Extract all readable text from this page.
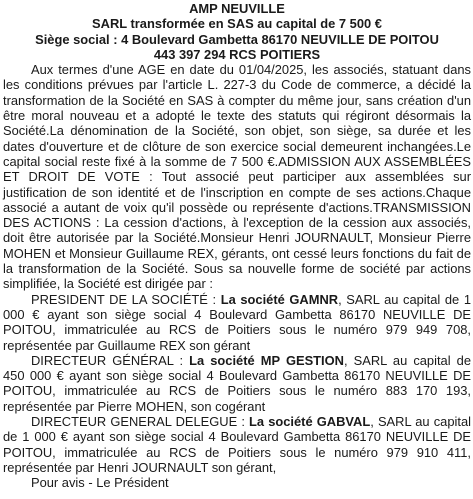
AMP NEUVILLE
SARL transformée en SAS au capital de 7 500 €
Siège social : 4 Boulevard Gambetta 86170 NEUVILLE DE POITOU
443 397 294 RCS POITIERS
Aux termes d'une AGE en date du 01/04/2025, les associés, statuant dans les conditions prévues par l'article L. 227-3 du Code de commerce, a décidé la transformation de la Société en SAS à compter du même jour, sans création d'un être moral nouveau et a adopté le texte des statuts qui régiront désormais la Société.La dénomination de la Société, son objet, son siège, sa durée et les dates d'ouverture et de clôture de son exercice social demeurent inchangées.Le capital social reste fixé à la somme de 7 500 €.ADMISSION AUX ASSEMBLÉES ET DROIT DE VOTE : Tout associé peut participer aux assemblées sur justification de son identité et de l'inscription en compte de ses actions.Chaque associé a autant de voix qu'il possède ou représente d'actions.TRANSMISSION DES ACTIONS : La cession d'actions, à l'exception de la cession aux associés, doit être autorisée par la Société.Monsieur Henri JOURNAULT, Monsieur Pierre MOHEN et Monsieur Guillaume REX, gérants, ont cessé leurs fonctions du fait de la transformation de la Société. Sous sa nouvelle forme de société par actions simplifiée, la Société est dirigée par :
PRESIDENT DE LA SOCIÉTÉ : La société GAMNR, SARL au capital de 1 000 € ayant son siège social 4 Boulevard Gambetta 86170 NEUVILLE DE POITOU, immatriculée au RCS de Poitiers sous le numéro 979 949 708, représentée par Guillaume REX son gérant
DIRECTEUR GÉNÉRAL : La société MP GESTION, SARL au capital de 450 000 € ayant son siège social 4 Boulevard Gambetta 86170 NEUVILLE DE POITOU, immatriculée au RCS de Poitiers sous le numéro 883 170 193, représentée par Pierre MOHEN, son cogérant
DIRECTEUR GENERAL DELEGUE : La société GABVAL, SARL au capital de 1 000 € ayant son siège social 4 Boulevard Gambetta 86170 NEUVILLE DE POITOU, immatriculée au RCS de Poitiers sous le numéro 979 910 411, représentée par Henri JOURNAULT son gérant,
Pour avis - Le Président
